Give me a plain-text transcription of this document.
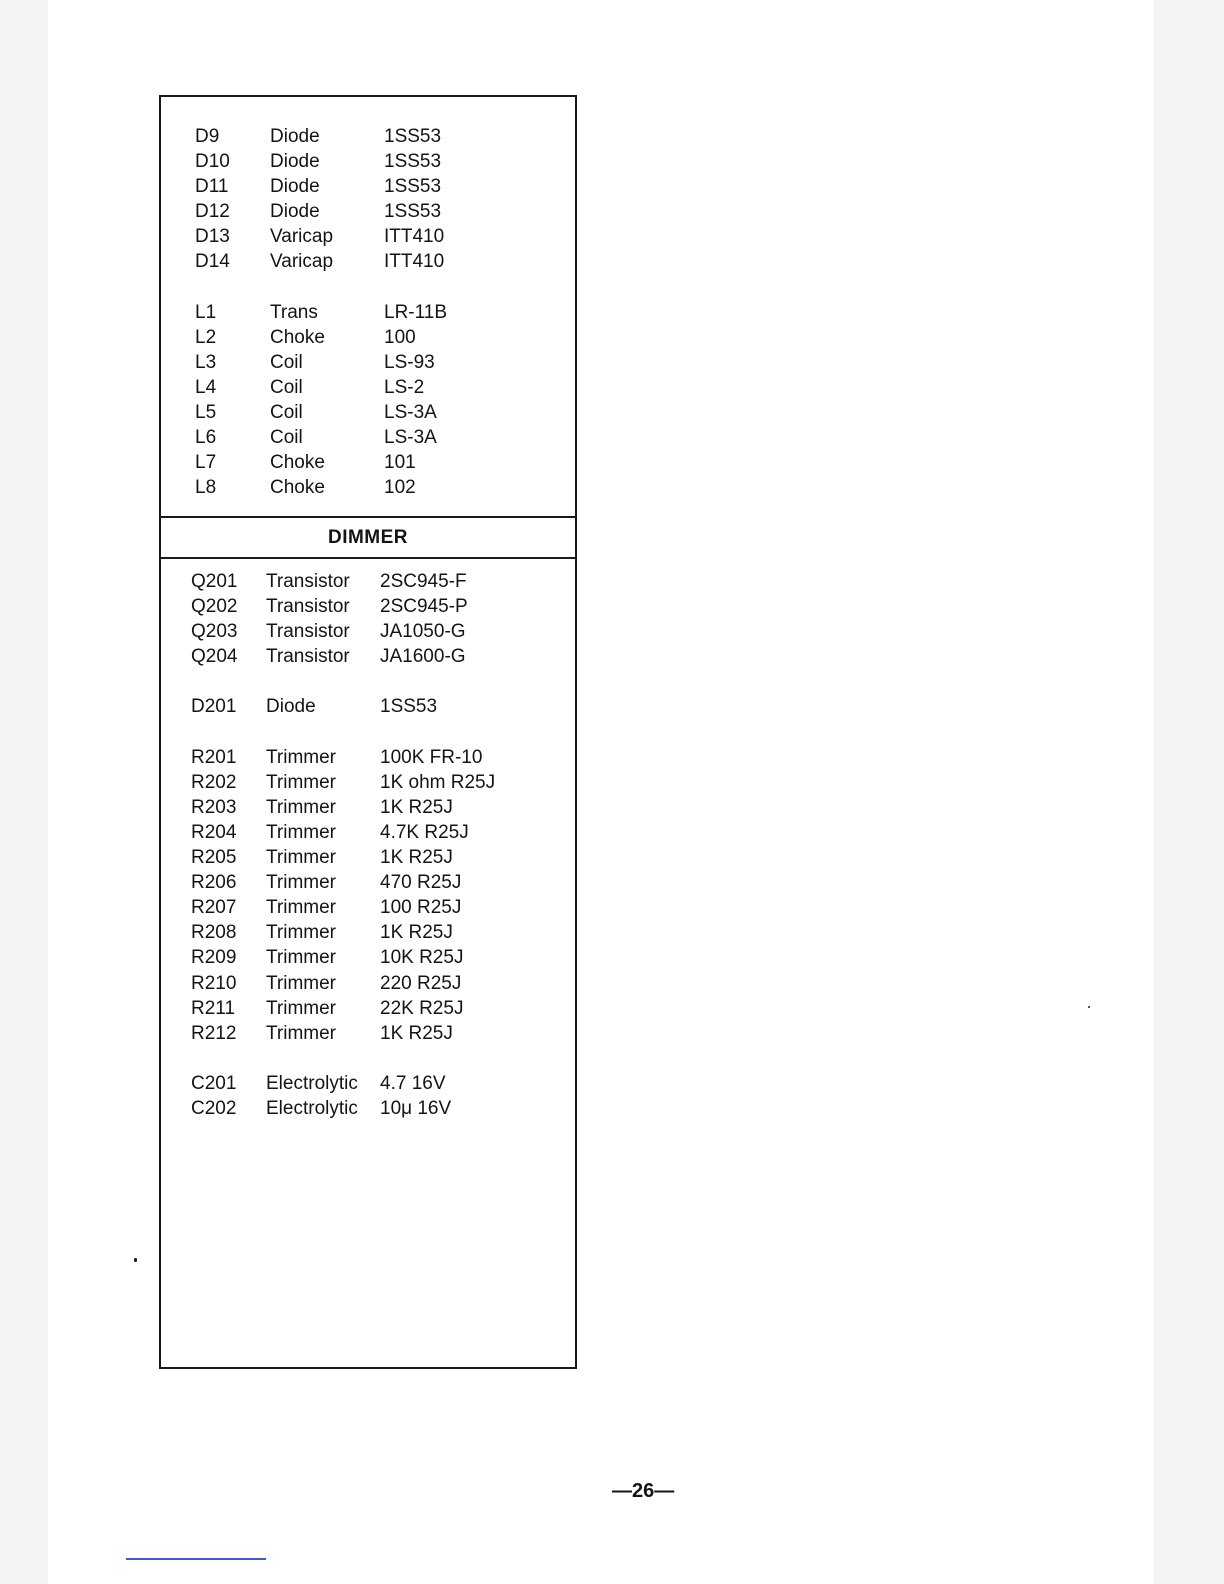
D9	Diode	1SS53
D10	Diode	1SS53
D11	Diode	1SS53
D12	Diode	1SS53
D13	Varicap	ITT410
D14	Varicap	ITT410
L1	Trans	LR-11B
L2	Choke	100
L3	Coil	LS-93
L4	Coil	LS-2
L5	Coil	LS-3A
L6	Coil	LS-3A
L7	Choke	101
L8	Choke	102
DIMMER
Q201	Transistor	2SC945-F
Q202	Transistor	2SC945-P
Q203	Transistor	JA1050-G
Q204	Transistor	JA1600-G
D201	Diode	1SS53
R201	Trimmer	100K FR-10
R202	Trimmer	1K ohm R25J
R203	Trimmer	1K R25J
R204	Trimmer	4.7K R25J
R205	Trimmer	1K R25J
R206	Trimmer	470 R25J
R207	Trimmer	100 R25J
R208	Trimmer	1K R25J
R209	Trimmer	10K R25J
R210	Trimmer	220 R25J
R211	Trimmer	22K R25J
R212	Trimmer	1K R25J
C201	Electrolytic	4.7 16V
C202	Electrolytic	10μ 16V
—26—
